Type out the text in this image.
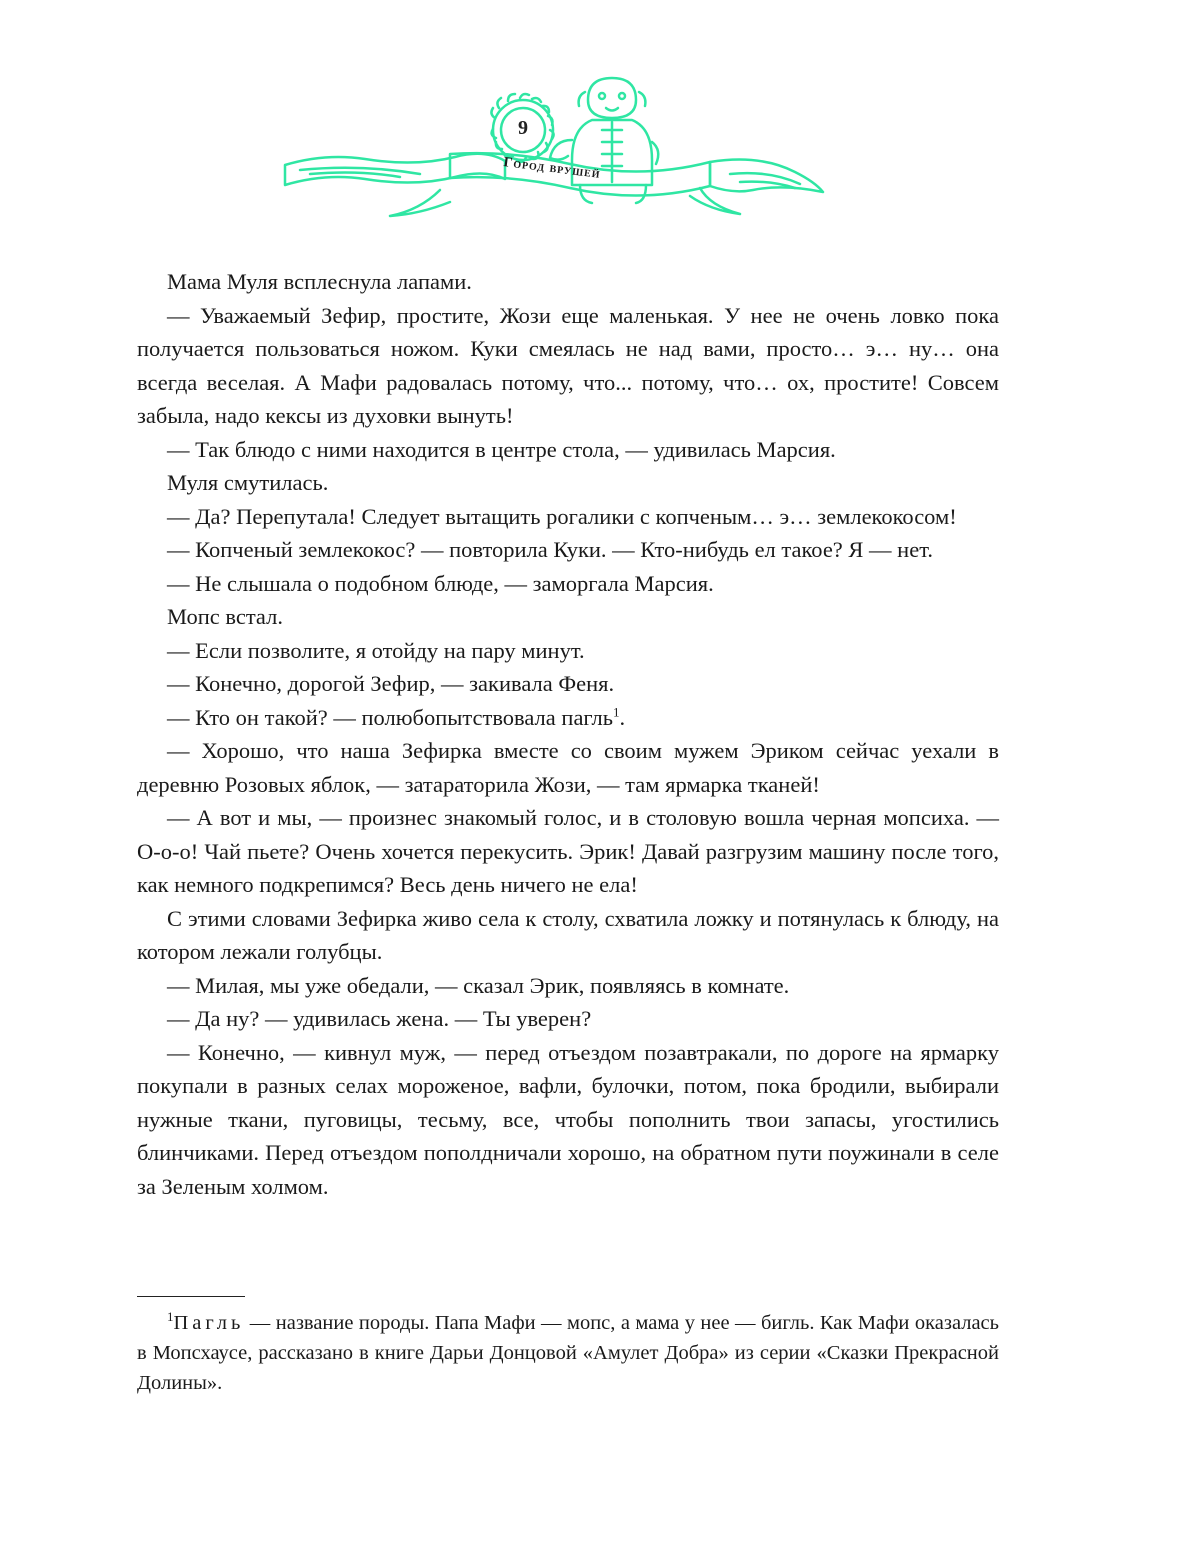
9
Город врушей

Мама Муля всплеснула лапами.

— Уважаемый Зефир, простите, Жози еще маленькая. У нее не очень ловко пока получается пользоваться ножом. Куки смеялась не над вами, просто… э… ну… она всегда веселая. А Мафи радовалась потому, что... потому, что… ох, простите! Совсем забыла, надо кексы из духовки вынуть!

— Так блюдо с ними находится в центре стола, — удивилась Марсия.

Муля смутилась.

— Да? Перепутала! Следует вытащить рогалики с копченым… э… землекокосом!

— Копченый землекокос? — повторила Куки. — Кто-нибудь ел такое? Я — нет.

— Не слышала о подобном блюде, — заморгала Марсия.

Мопс встал.

— Если позволите, я отойду на пару минут.

— Конечно, дорогой Зефир, — закивала Феня.

— Кто он такой? — полюбопытствовала пагль$^1$.

— Хорошо, что наша Зефирка вместе со своим мужем Эриком сейчас уехали в деревню Розовых яблок, — затараторила Жози, — там ярмарка тканей!

— А вот и мы, — произнес знакомый голос, и в столовую вошла черная мопсиха. — О-о-о! Чай пьете? Очень хочется перекусить. Эрик! Давай разгрузим машину после того, как немного подкрепимся? Весь день ничего не ела!

С этими словами Зефирка живо села к столу, схватила ложку и потянулась к блюду, на котором лежали голубцы.

— Милая, мы уже обедали, — сказал Эрик, появляясь в комнате.

— Да ну? — удивилась жена. — Ты уверен?

— Конечно, — кивнул муж, — перед отъездом позавтракали, по дороге на ярмарку покупали в разных селах мороженое, вафли, булочки, потом, пока бродили, выбирали нужные ткани, пуговицы, тесьму, все, чтобы пополнить твои запасы, угостились блинчиками. Перед отъездом пополдничали хорошо, на обратном пути поужинали в селе за Зеленым холмом.

$^1$Пагль — название породы. Папа Мафи — мопс, а мама у нее — бигль. Как Мафи оказалась в Мопсхаусе, рассказано в книге Дарьи Донцовой «Амулет Добра» из серии «Сказки Прекрасной Долины».
